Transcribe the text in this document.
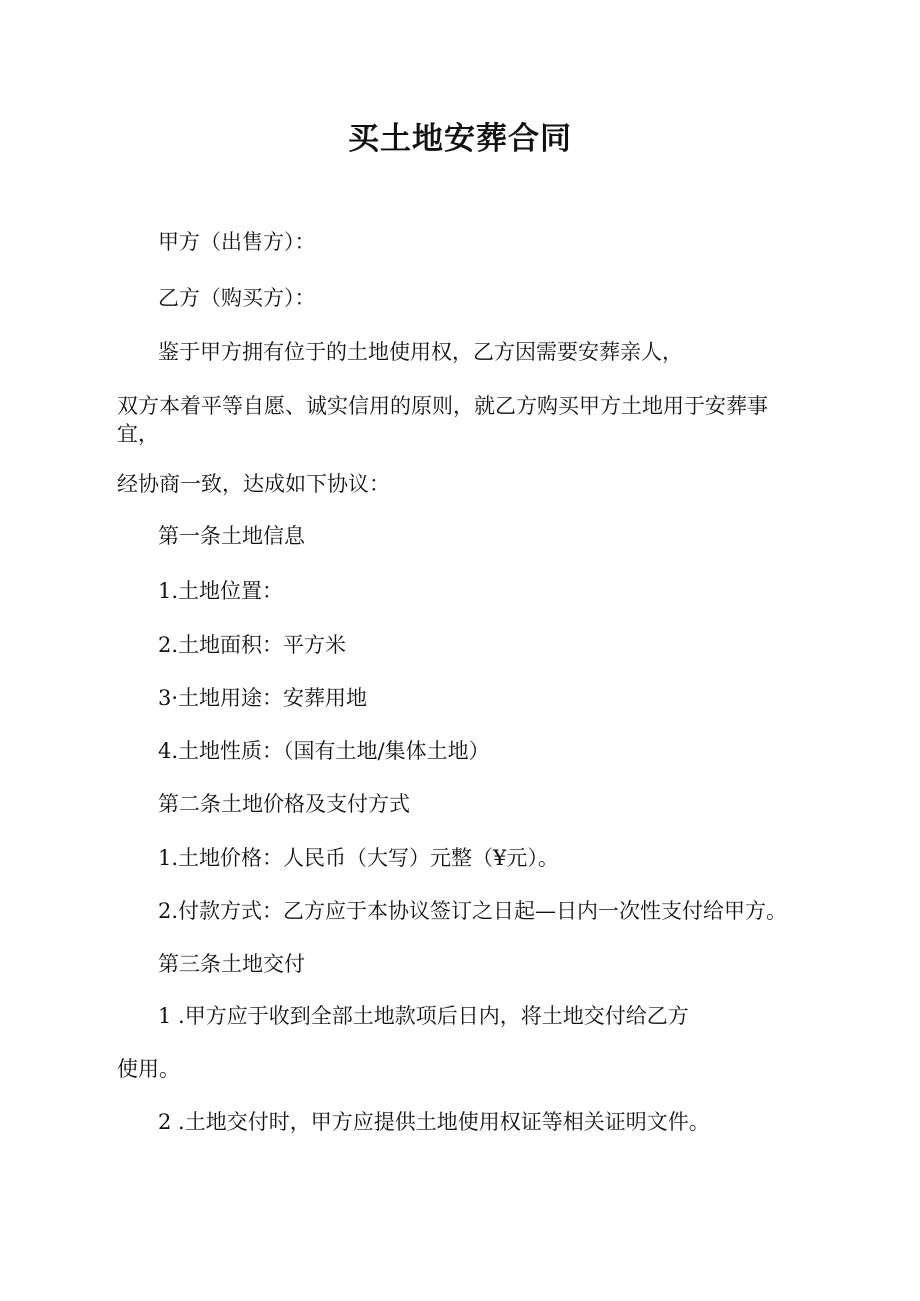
买土地安葬合同

甲方（出售方）：

乙方（购买方）：

鉴于甲方拥有位于的土地使用权，乙方因需要安葬亲人，

双方本着平等自愿、诚实信用的原则，就乙方购买甲方土地用于安葬事

宜，

经协商一致，达成如下协议：

第一条土地信息

1.土地位置：

2.土地面积：平方米

3·土地用途：安葬用地

4.土地性质：（国有土地/集体土地）

第二条土地价格及支付方式

1.土地价格：人民币（大写）元整（¥元）。

2.付款方式：乙方应于本协议签订之日起—日内一次性支付给甲方。

第三条土地交付

1 .甲方应于收到全部土地款项后日内，将土地交付给乙方

使用。

2 .土地交付时，甲方应提供土地使用权证等相关证明文件。
